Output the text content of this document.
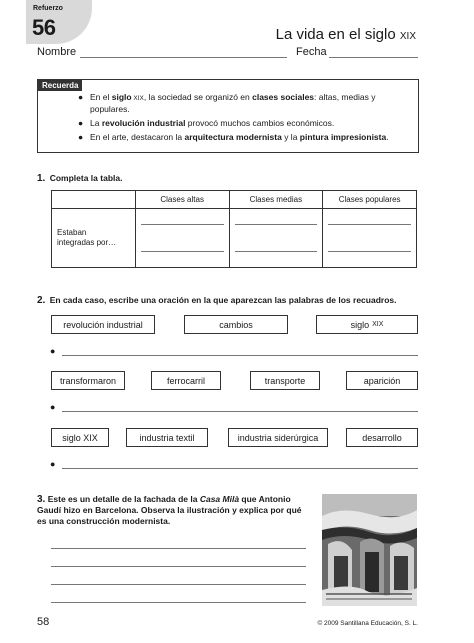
Refuerzo
56	La vida en el siglo XIX
Nombre	Fecha
Recuerda
● En el siglo XIX, la sociedad se organizó en clases sociales: altas, medias y populares.
● La revolución industrial provocó muchos cambios económicos.
● En el arte, destacaron la arquitectura modernista y la pintura impresionista.
1. Completa la tabla.
	Clases altas	Clases medias	Clases populares
Estaban
integradas por…	

2. En cada caso, escribe una oración en la que aparezcan las palabras de los recuadros.
revolución industrial	cambios	siglo XIX
●
transformaron	ferrocarril	transporte	aparición
●
siglo XIX	industria textil	industria siderúrgica	desarrollo
●
3. Este es un detalle de la fachada de la Casa Milà que Antonio Gaudí hizo en Barcelona. Observa la ilustración y explica por qué es una construcción modernista.
58	© 2009 Santillana Educación, S. L.
